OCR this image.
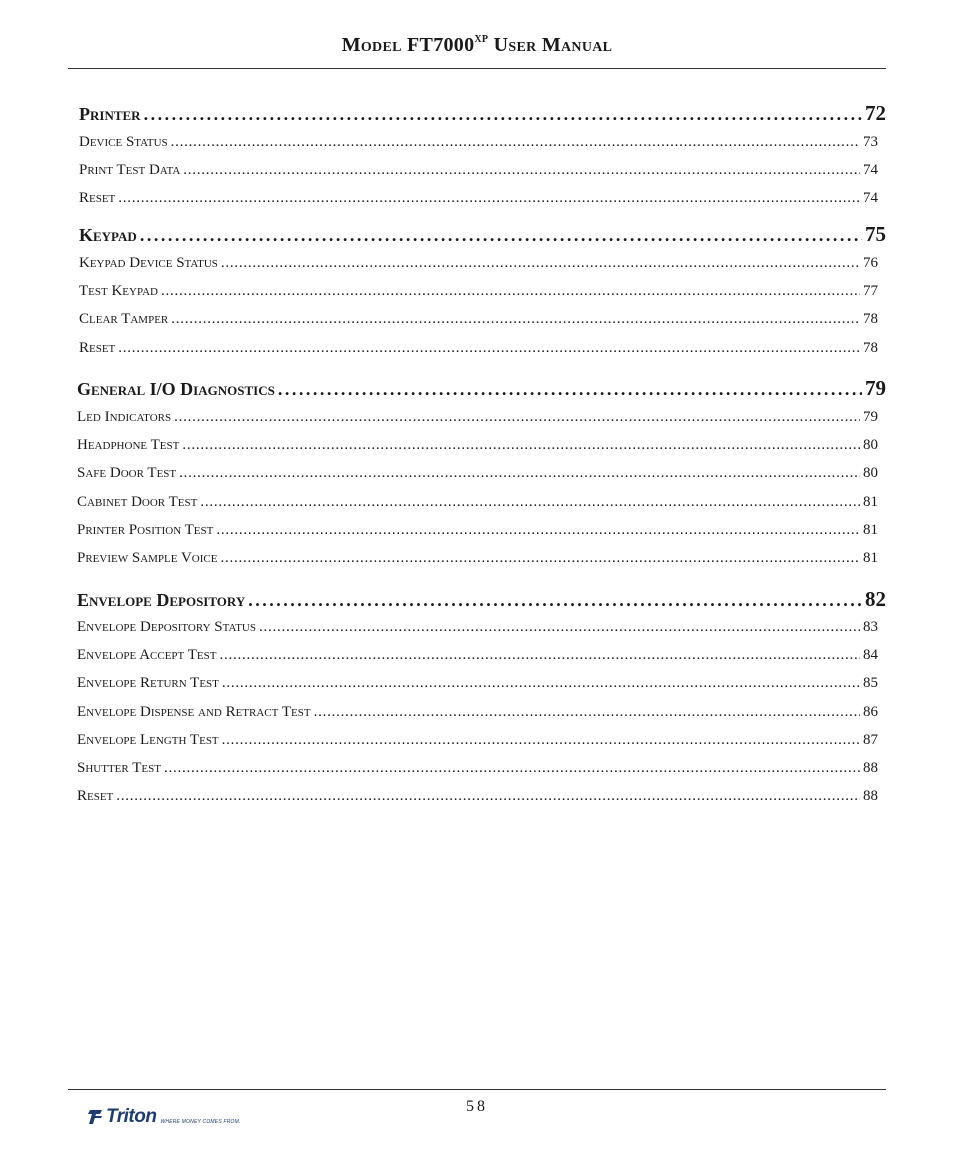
Model $FT7000^{XP}$ User Manual
Printer . . .	72
Device Status . . .	73
Print Test Data . . .	74
Reset . . .	74
Keypad . . .	75
Keypad Device Status . . .	76
Test Keypad . . .	77
Clear Tamper . . .	78
Reset . . .	78
General I/O Diagnostics . . .	79
Led Indicators . . .	79
Headphone Test . . .	80
Safe Door Test . . .	80
Cabinet Door Test . . .	81
Printer Position Test . . .	81
Preview Sample Voice . . .	81
Envelope Depository . . .	82
Envelope Depository Status . . .	83
Envelope Accept Test . . .	84
Envelope Return Test . . .	85
Envelope Dispense and Retract Test . . .	86
Envelope Length Test . . .	87
Shutter Test . . .	88
Reset . . .	88
58
Triton WHERE MONEY COMES FROM.
